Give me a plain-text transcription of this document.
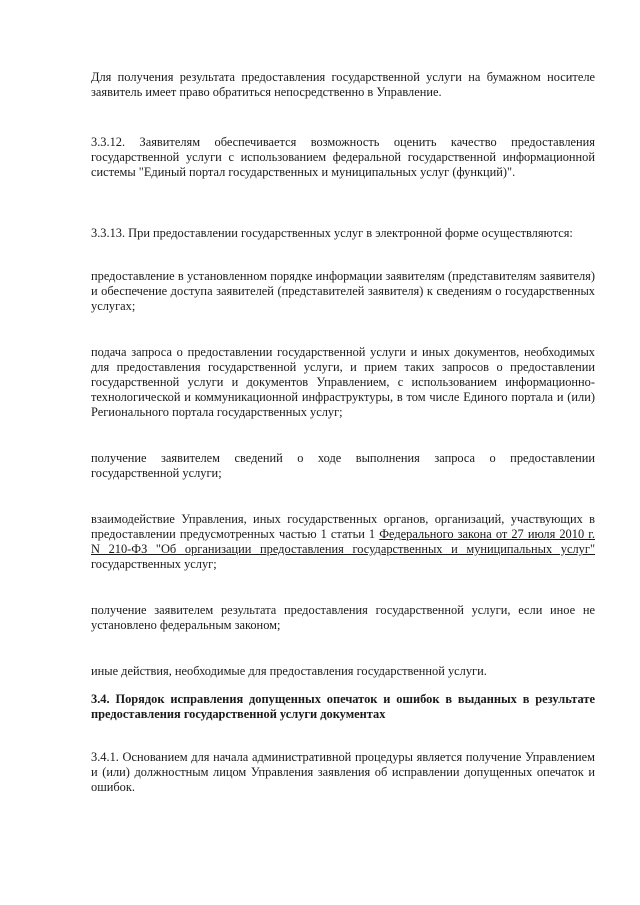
Для получения результата предоставления государственной услуги на бумажном носителе заявитель имеет право обратиться непосредственно в Управление.

3.3.12. Заявителям обеспечивается возможность оценить качество предоставления государственной услуги с использованием федеральной государственной информационной системы "Единый портал государственных и муниципальных услуг (функций)".

3.3.13. При предоставлении государственных услуг в электронной форме осуществляются:

предоставление в установленном порядке информации заявителям (представителям заявителя) и обеспечение доступа заявителей (представителей заявителя) к сведениям о государственных услугах;

подача запроса о предоставлении государственной услуги и иных документов, необходимых для предоставления государственной услуги, и прием таких запросов о предоставлении государственной услуги и документов Управлением, с использованием информационно-технологической и коммуникационной инфраструктуры, в том числе Единого портала и (или) Регионального портала государственных услуг;

получение заявителем сведений о ходе выполнения запроса о предоставлении государственной услуги;

взаимодействие Управления, иных государственных органов, организаций, участвующих в предоставлении предусмотренных частью 1 статьи 1 Федерального закона от 27 июля 2010 г. N 210-ФЗ "Об организации предоставления государственных и муниципальных услуг" государственных услуг;

получение заявителем результата предоставления государственной услуги, если иное не установлено федеральным законом;

иные действия, необходимые для предоставления государственной услуги.

3.4. Порядок исправления допущенных опечаток и ошибок в выданных в результате предоставления государственной услуги документах

3.4.1. Основанием для начала административной процедуры является получение Управлением и (или) должностным лицом Управления заявления об исправлении допущенных опечаток и ошибок.
